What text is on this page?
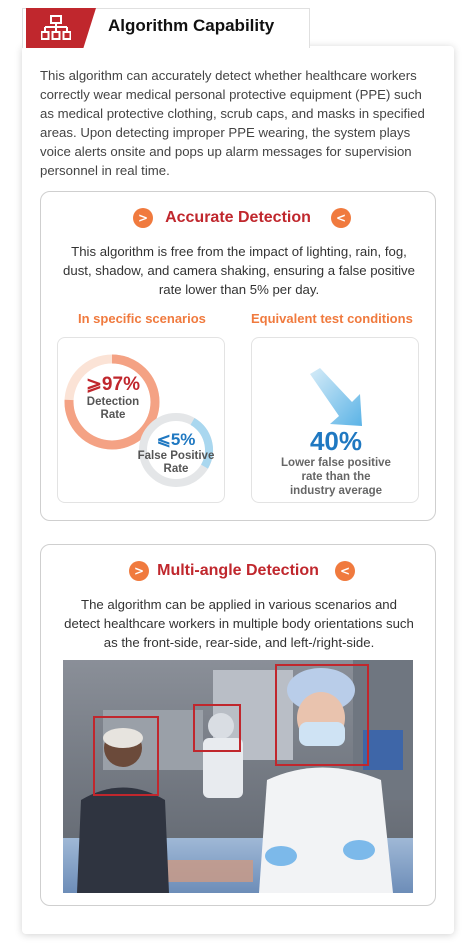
Algorithm Capability

This algorithm can accurately detect whether healthcare workers correctly wear medical personal protective equipment (PPE) such as medical protective clothing, scrub caps, and masks in specified areas. Upon detecting improper PPE wearing, the system plays voice alerts onsite and pops up alarm messages for supervision personnel in real time.

>	Accurate Detection	<

This algorithm is free from the impact of lighting, rain, fog, dust, shadow, and camera shaking, ensuring a false positive rate lower than 5% per day.

In specific scenarios	Equivalent test conditions
⩾97%
Detection
Rate
⩽5%
False Positive
Rate
40%
Lower false positive
rate than the
industry average
> Multi-angle Detection	<

The algorithm can be applied in various scenarios and detect healthcare workers in multiple body orientations such as the front-side, rear-side, and left-/right-side.
